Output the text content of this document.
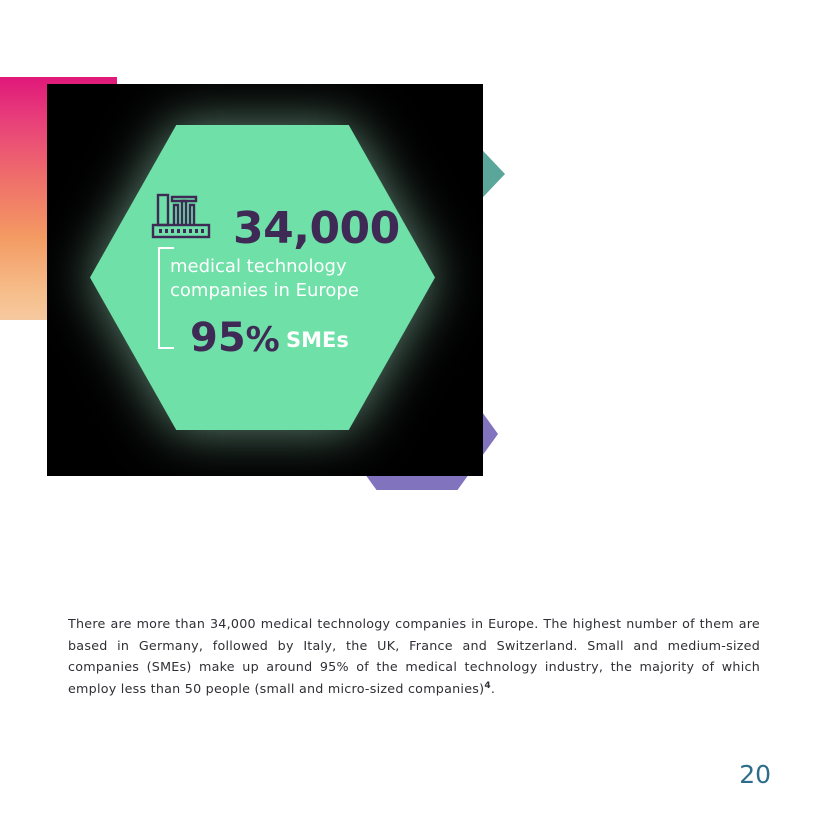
34,000
medical technology
companies in Europe
95% SMEs

There are more than 34,000 medical technology companies in Europe. The highest number of them are based in Germany, followed by Italy, the UK, France and Switzerland. Small and medium-sized companies (SMEs) make up around 95% of the medical technology industry, the majority of which employ less than 50 people (small and micro-sized companies)$^4$.

20
